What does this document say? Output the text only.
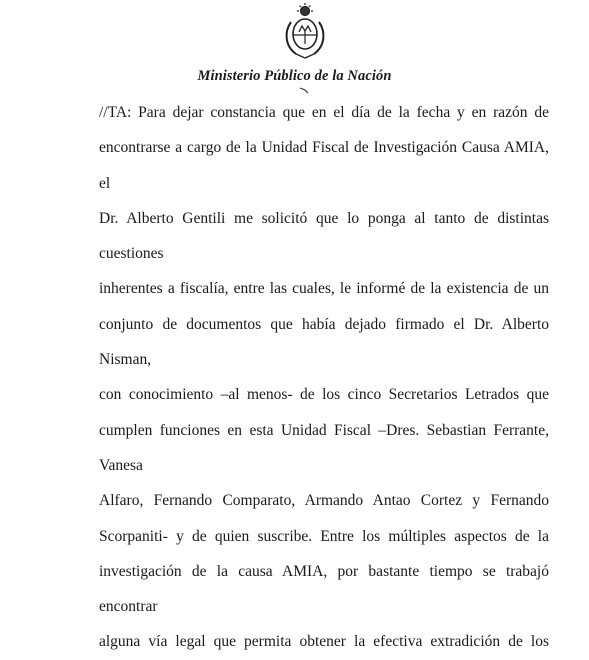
Ministerio Público de la Nación
//TA: Para dejar constancia que en el día de la fecha y en razón de
encontrarse a cargo de la Unidad Fiscal de Investigación Causa AMIA, el
Dr. Alberto Gentili me solicitó que lo ponga al tanto de distintas cuestiones
inherentes a fiscalía, entre las cuales, le informé de la existencia de un
conjunto de documentos que había dejado firmado el Dr. Alberto Nisman,
con conocimiento –al menos- de los cinco Secretarios Letrados que
cumplen funciones en esta Unidad Fiscal –Dres. Sebastian Ferrante, Vanesa
Alfaro, Fernando Comparato, Armando Antao Cortez y Fernando
Scorpaniti- y de quien suscribe. Entre los múltiples aspectos de la
investigación de la causa AMIA, por bastante tiempo se trabajó encontrar
alguna vía legal que permita obtener la efectiva extradición de los
